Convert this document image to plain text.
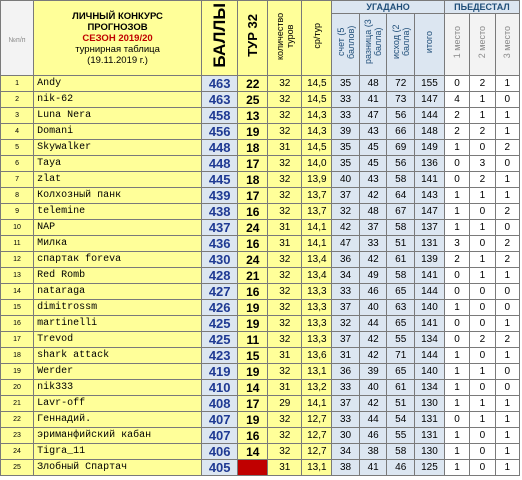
№п/п	ЛИЧНЫЙ КОНКУРС
ПРОГНОЗОВ
СЕЗОН 2019/20
турнирная таблица
(19.11.2019 г.)	БАЛЛЫ	ТУР 32	количество туров	ср/тур	УГАДАНО				ПЬЕДЕСТАЛ		
						счет (5 баллов)	разница (3 балла)	исход (2 балла)	итого	1 место	2 место	3 место
1	Andy	463	22	32	14,5	35	48	72	155	0	2	1
2	nik-62	463	25	32	14,5	33	41	73	147	4	1	0
3	Luna Nera	458	13	32	14,3	33	47	56	144	2	1	1
4	Domani	456	19	32	14,3	39	43	66	148	2	2	1
5	Skywalker	448	18	31	14,5	35	45	69	149	1	0	2
6	Taya	448	17	32	14,0	35	45	56	136	0	3	0
7	zlat	445	18	32	13,9	40	43	58	141	0	2	1
8	Колхозный панк	439	17	32	13,7	37	42	64	143	1	1	1
9	telemine	438	16	32	13,7	32	48	67	147	1	0	2
10	NAP	437	24	31	14,1	42	37	58	137	1	1	0
11	Милка	436	16	31	14,1	47	33	51	131	3	0	2
12	спартак foreva	430	24	32	13,4	36	42	61	139	2	1	2
13	Red Romb	428	21	32	13,4	34	49	58	141	0	1	1
14	nataraga	427	16	32	13,3	33	46	65	144	0	0	0
15	dimitrossm	426	19	32	13,3	37	40	63	140	1	0	0
16	martinelli	425	19	32	13,3	32	44	65	141	0	0	1
17	Trevod	425	11	32	13,3	37	42	55	134	0	2	2
18	shark attack	423	15	31	13,6	31	42	71	144	1	0	1
19	Werder	419	19	32	13,1	36	39	65	140	1	1	0
20	nik333	410	14	31	13,2	33	40	61	134	1	0	0
21	Lavr-off	408	17	29	14,1	37	42	51	130	1	1	1
22	Геннадий.	407	19	32	12,7	33	44	54	131	0	1	1
23	эриманфийский кабан	407	16	32	12,7	30	46	55	131	1	0	1
24	Tigra_11	406	14	32	12,7	34	38	58	130	1	0	1
25	Злобный Спартач	405		31	13,1	38	41	46	125	1	0	1
